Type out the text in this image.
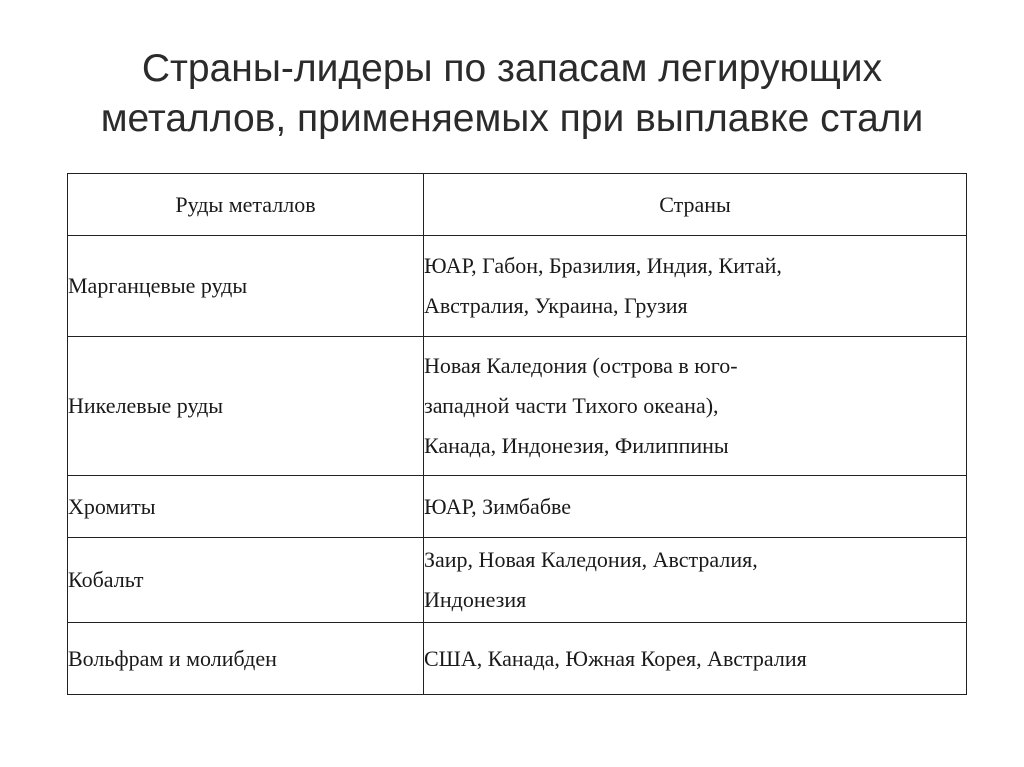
Страны-лидеры по запасам легирующих
металлов, применяемых при выплавке стали
Руды металлов	Страны
Марганцевые руды	ЮАР, Габон, Бразилия, Индия, Китай,
Австралия, Украина, Грузия

Никелевые руды	Новая Каледония (острова в юго-
западной части Тихого океана),
Канада, Индонезия, Филиппины

Хромиты	ЮАР, Зимбабве

Кобальт	Заир, Новая Каледония, Австралия,
Индонезия

Вольфрам и молибден	США, Канада, Южная Корея, Австралия
